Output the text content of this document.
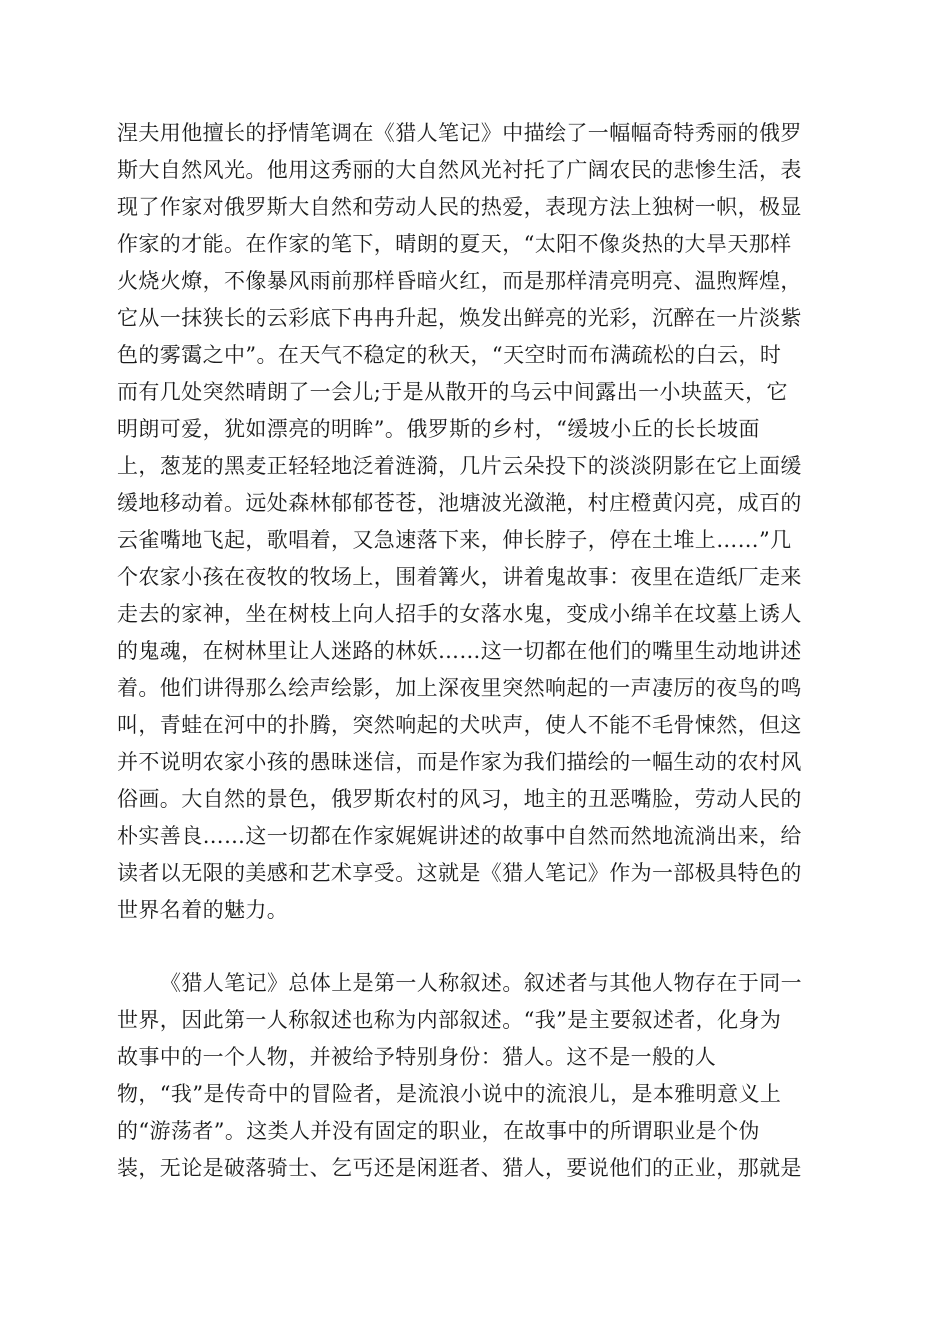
涅夫用他擅长的抒情笔调在《猎人笔记》中描绘了一幅幅奇特秀丽的俄罗
斯大自然风光。他用这秀丽的大自然风光衬托了广阔农民的悲惨生活，表
现了作家对俄罗斯大自然和劳动人民的热爱，表现方法上独树一帜，极显
作家的才能。在作家的笔下，晴朗的夏天，“太阳不像炎热的大旱天那样
火烧火燎，不像暴风雨前那样昏暗火红，而是那样清亮明亮、温煦辉煌，
它从一抹狭长的云彩底下冉冉升起，焕发出鲜亮的光彩，沉醉在一片淡紫
色的雾霭之中”。在天气不稳定的秋天，“天空时而布满疏松的白云，时
而有几处突然晴朗了一会儿;于是从散开的乌云中间露出一小块蓝天，它
明朗可爱，犹如漂亮的明眸”。俄罗斯的乡村，“缓坡小丘的长长坡面
上，葱茏的黑麦正轻轻地泛着涟漪，几片云朵投下的淡淡阴影在它上面缓
缓地移动着。远处森林郁郁苍苍，池塘波光潋滟，村庄橙黄闪亮，成百的
云雀嘴地飞起，歌唱着，又急速落下来，伸长脖子，停在土堆上……”几
个农家小孩在夜牧的牧场上，围着篝火，讲着鬼故事：夜里在造纸厂走来
走去的家神，坐在树枝上向人招手的女落水鬼，变成小绵羊在坟墓上诱人
的鬼魂，在树林里让人迷路的林妖……这一切都在他们的嘴里生动地讲述
着。他们讲得那么绘声绘影，加上深夜里突然响起的一声凄厉的夜鸟的鸣
叫，青蛙在河中的扑腾，突然响起的犬吠声，使人不能不毛骨悚然，但这
并不说明农家小孩的愚昧迷信，而是作家为我们描绘的一幅生动的农村风
俗画。大自然的景色，俄罗斯农村的风习，地主的丑恶嘴脸，劳动人民的
朴实善良……这一切都在作家娓娓讲述的故事中自然而然地流淌出来，给
读者以无限的美感和艺术享受。这就是《猎人笔记》作为一部极具特色的
世界名着的魅力。
《猎人笔记》总体上是第一人称叙述。叙述者与其他人物存在于同一
世界，因此第一人称叙述也称为内部叙述。“我”是主要叙述者，化身为
故事中的一个人物，并被给予特别身份：猎人。这不是一般的人
物，“我”是传奇中的冒险者，是流浪小说中的流浪儿，是本雅明意义上
的“游荡者”。这类人并没有固定的职业，在故事中的所谓职业是个伪
装，无论是破落骑士、乞丐还是闲逛者、猎人，要说他们的正业，那就是
